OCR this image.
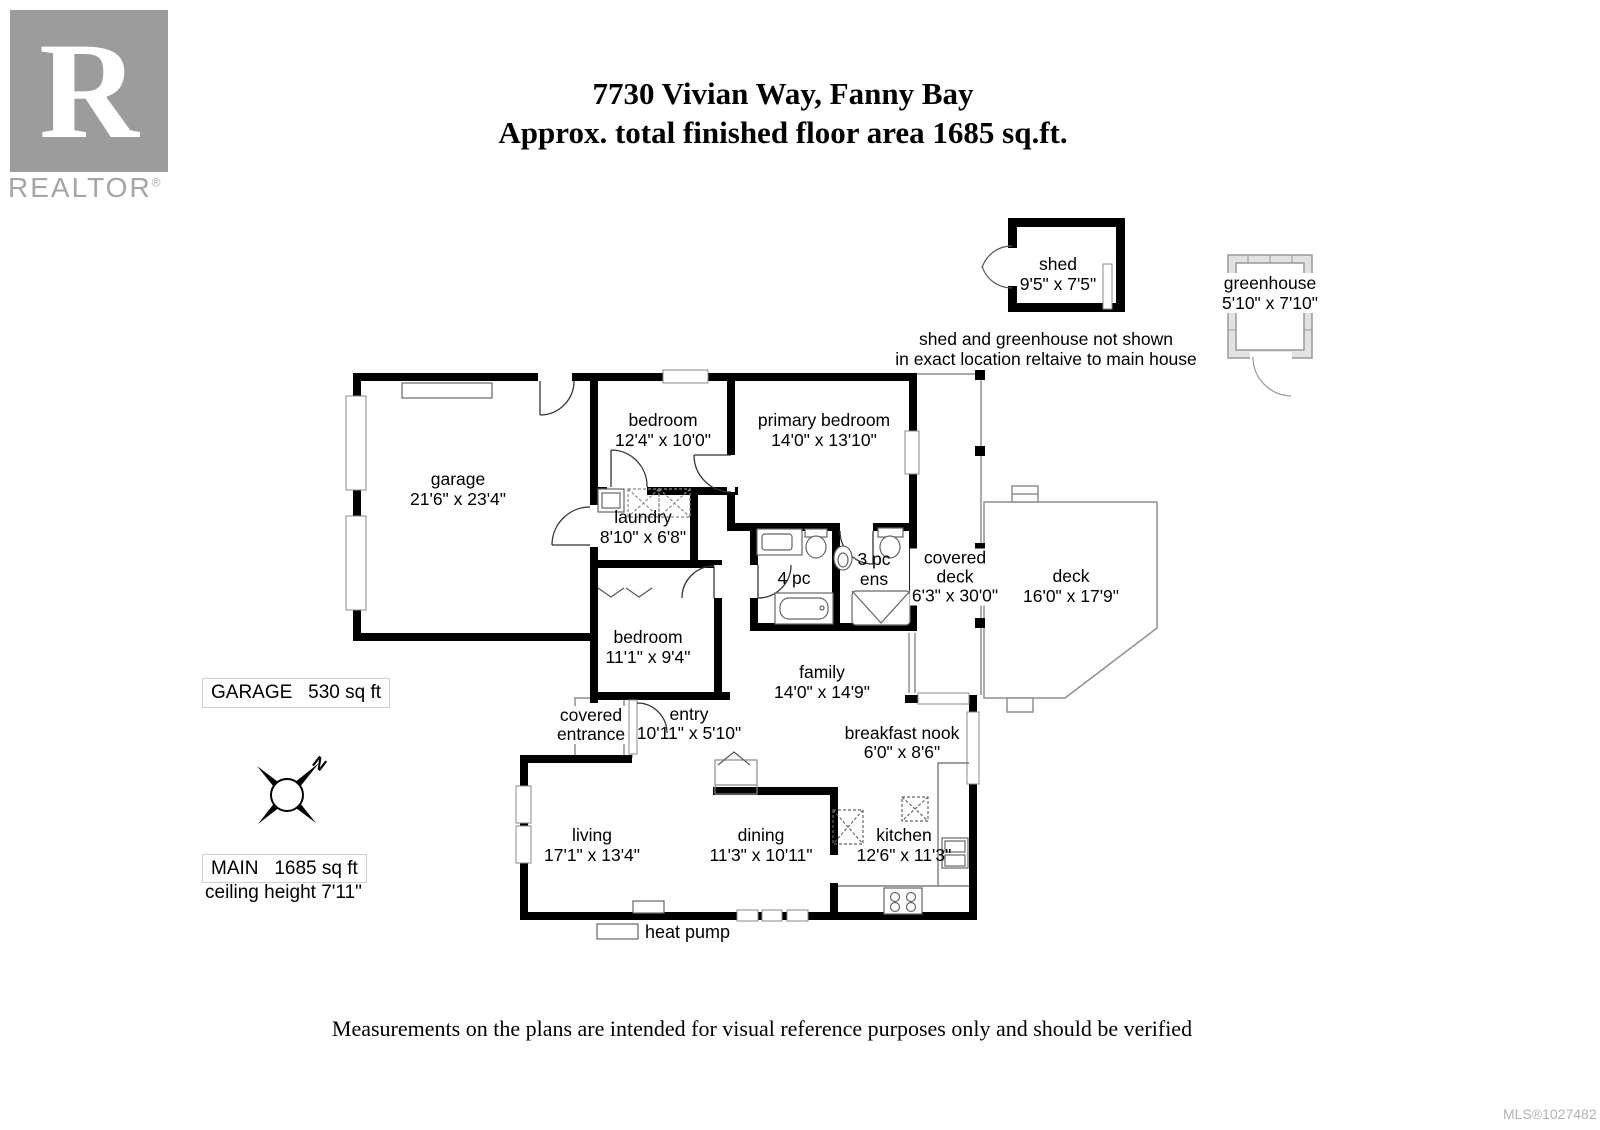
R
REALTOR®
7730 Vivian Way, Fanny Bay
Approx. total finished floor area 1685 sq.ft.
N
garage
21'6" x 23'4"
bedroom
12'4" x 10'0"
primary bedroom
14'0" x 13'10"
laundry
8'10" x 6'8"
4 pc
3 pc
ens
covered
deck
6'3" x 30'0"
deck
16'0" x 17'9"
bedroom
11'1" x 9'4"
family
14'0" x 14'9"
covered
entrance
entry
10'11" x 5'10"	breakfast nook
6'0" x 8'6"
living
17'1" x 13'4"
dining
11'3" x 10'11"
kitchen
12'6" x 11'3"
shed
9'5" x 7'5"	greenhouse
5'10" x 7'10"
shed and greenhouse not shown
in exact location reltaive to main house
GARAGE   530 sq ft
MAIN   1685 sq ft
ceiling height 7'11"
heat pump
Measurements on the plans are intended for visual reference purposes only and should be verified
MLS®1027482
